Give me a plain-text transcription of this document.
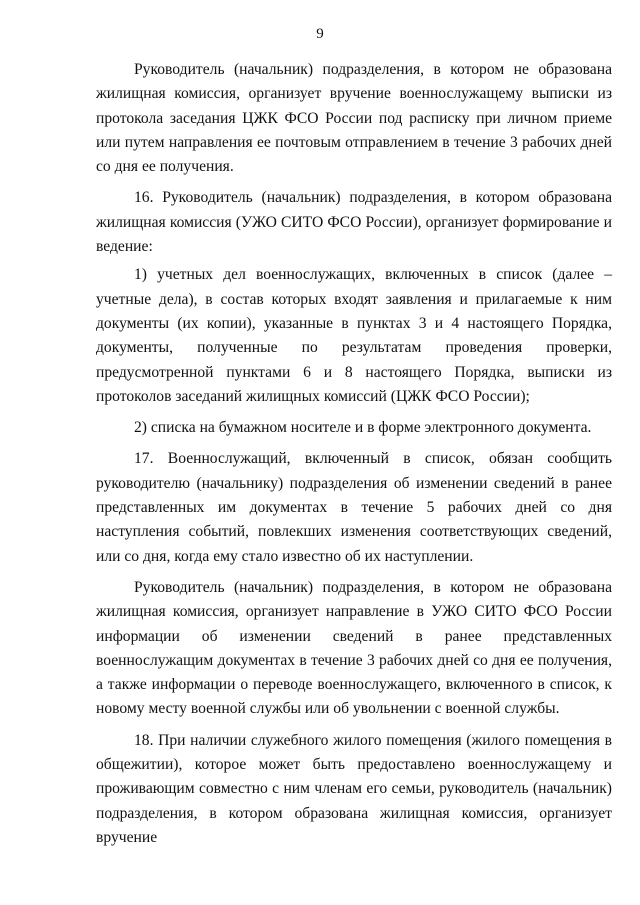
9

Руководитель (начальник) подразделения, в котором не образована жилищная комиссия, организует вручение военнослужащему выписки из протокола заседания ЦЖК ФСО России под расписку при личном приеме или путем направления ее почтовым отправлением в течение 3 рабочих дней со дня ее получения.

16. Руководитель (начальник) подразделения, в котором образована жилищная комиссия (УЖО СИТО ФСО России), организует формирование и ведение:

1) учетных дел военнослужащих, включенных в список (далее – учетные дела), в состав которых входят заявления и прилагаемые к ним документы (их копии), указанные в пунктах 3 и 4 настоящего Порядка, документы, полученные по результатам проведения проверки, предусмотренной пунктами 6 и 8 настоящего Порядка, выписки из протоколов заседаний жилищных комиссий (ЦЖК ФСО России);

2) списка на бумажном носителе и в форме электронного документа.

17. Военнослужащий, включенный в список, обязан сообщить руководителю (начальнику) подразделения об изменении сведений в ранее представленных им документах в течение 5 рабочих дней со дня наступления событий, повлекших изменения соответствующих сведений, или со дня, когда ему стало известно об их наступлении.

Руководитель (начальник) подразделения, в котором не образована жилищная комиссия, организует направление в УЖО СИТО ФСО России информации об изменении сведений в ранее представленных военнослужащим документах в течение 3 рабочих дней со дня ее получения, а также информации о переводе военнослужащего, включенного в список, к новому месту военной службы или об увольнении с военной службы.

18. При наличии служебного жилого помещения (жилого помещения в общежитии), которое может быть предоставлено военнослужащему и проживающим совместно с ним членам его семьи, руководитель (начальник) подразделения, в котором образована жилищная комиссия, организует вручение
